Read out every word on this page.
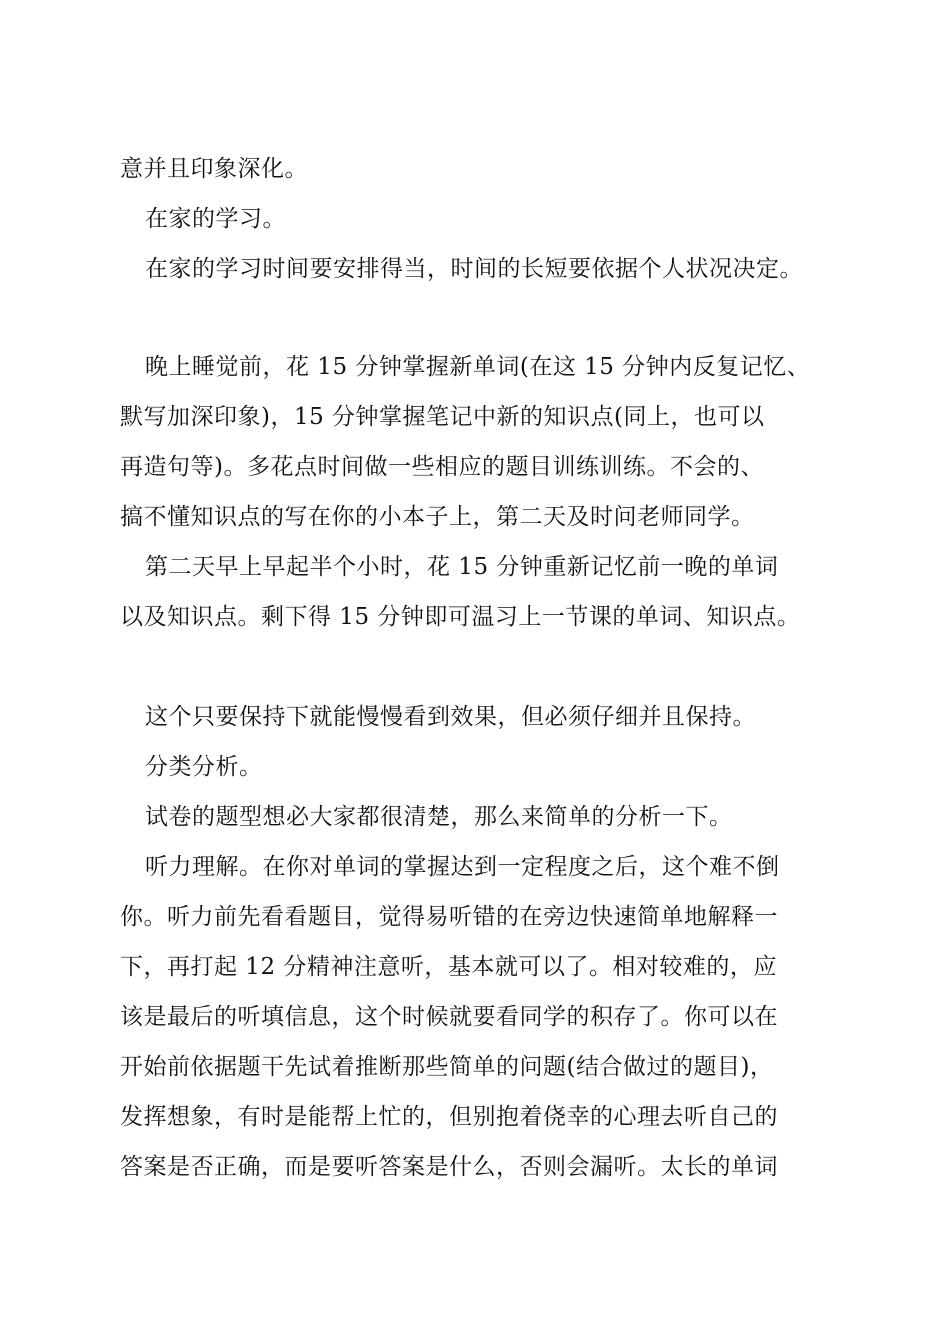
意并且印象深化。
在家的学习。
在家的学习时间要安排得当，时间的长短要依据个人状况决定。
晚上睡觉前，花 15 分钟掌握新单词(在这 15 分钟内反复记忆、
默写加深印象)，15 分钟掌握笔记中新的知识点(同上，也可以
再造句等)。多花点时间做一些相应的题目训练训练。不会的、
搞不懂知识点的写在你的小本子上，第二天及时问老师同学。
第二天早上早起半个小时，花 15 分钟重新记忆前一晚的单词
以及知识点。剩下得 15 分钟即可温习上一节课的单词、知识点。
这个只要保持下就能慢慢看到效果，但必须仔细并且保持。
分类分析。
试卷的题型想必大家都很清楚，那么来简单的分析一下。
听力理解。在你对单词的掌握达到一定程度之后，这个难不倒
你。听力前先看看题目，觉得易听错的在旁边快速简单地解释一
下，再打起 12 分精神注意听，基本就可以了。相对较难的，应
该是最后的听填信息，这个时候就要看同学的积存了。你可以在
开始前依据题干先试着推断那些简单的问题(结合做过的题目)，
发挥想象，有时是能帮上忙的，但别抱着侥幸的心理去听自己的
答案是否正确，而是要听答案是什么，否则会漏听。太长的单词
